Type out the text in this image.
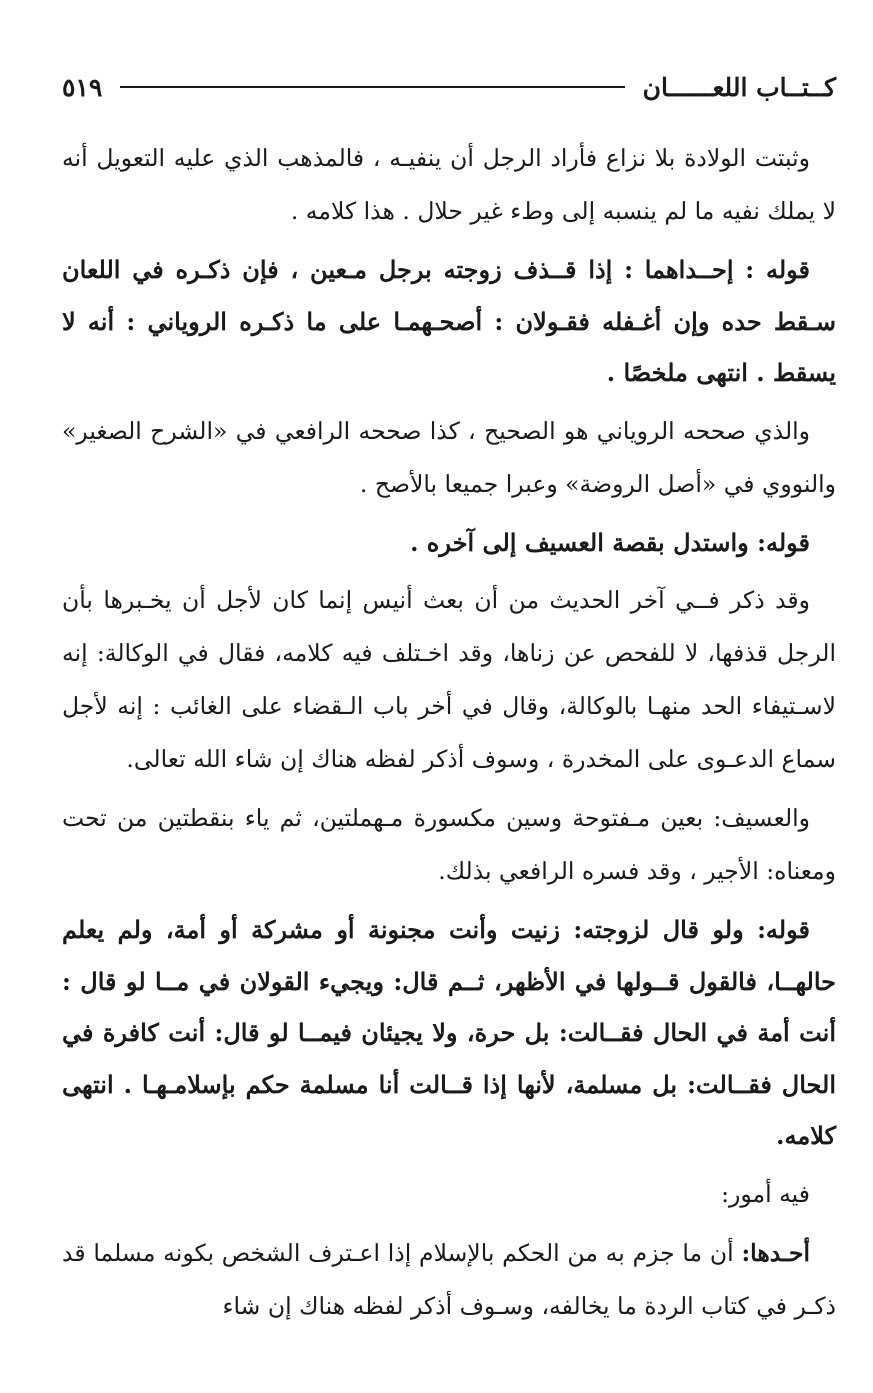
كــتــاب اللعــــــان
٥١٩

وثبتت الولادة بلا نزاع فأراد الرجل أن ينفيـه ، فالمذهب الذي عليه التعويل أنه لا يملك نفيه ما لم ينسبه إلى وطء غير حلال . هذا كلامه .

قوله : إحــداهما : إذا قــذف زوجته برجل مـعين ، فإن ذكـره في اللعان سـقط حده وإن أغـفله فقـولان : أصحـهمـا على ما ذكـره الروياني : أنه لا يسقط . انتهى ملخصًا .

والذي صححه الروياني هو الصحيح ، كذا صححه الرافعي في «الشرح الصغير» والنووي في «أصل الروضة» وعبرا جميعا بالأصح .

قوله: واستدل بقصة العسيف إلى آخره .

وقد ذكر فــي آخر الحديث من أن بعث أنيس إنما كان لأجل أن يخـبرها بأن الرجل قذفها، لا للفحص عن زناها، وقد اخـتلف فيه كلامه، فقال في الوكالة: إنه لاسـتيفاء الحد منهـا بالوكالة، وقال في أخر باب الـقضاء على الغائب : إنه لأجل سماع الدعـوى على المخدرة ، وسوف أذكر لفظه هناك إن شاء الله تعالى.

والعسيف: بعين مـفتوحة وسين مكسورة مـهملتين، ثم ياء بنقطتين من تحت ومعناه: الأجير ، وقد فسره الرافعي بذلك.

قوله: ولو قال لزوجته: زنيت وأنت مجنونة أو مشركة أو أمة، ولم يعلم حالهــا، فالقول قــولها في الأظهر، ثــم قال: ويجيء القولان في مــا لو قال : أنت أمة في الحال فقــالت: بل حرة، ولا يجيئان فيمــا لو قال: أنت كافرة في الحال فقــالت: بل مسلمة، لأنها إذا قــالت أنا مسلمة حكم بإسلامـهـا . انتهى كلامه.

فيه أمور:

أحـدها: أن ما جزم به من الحكم بالإسلام إذا اعـترف الشخص بكونه مسلما قد ذكـر في كتاب الردة ما يخالفه، وسـوف أذكر لفظه هناك إن شاء
